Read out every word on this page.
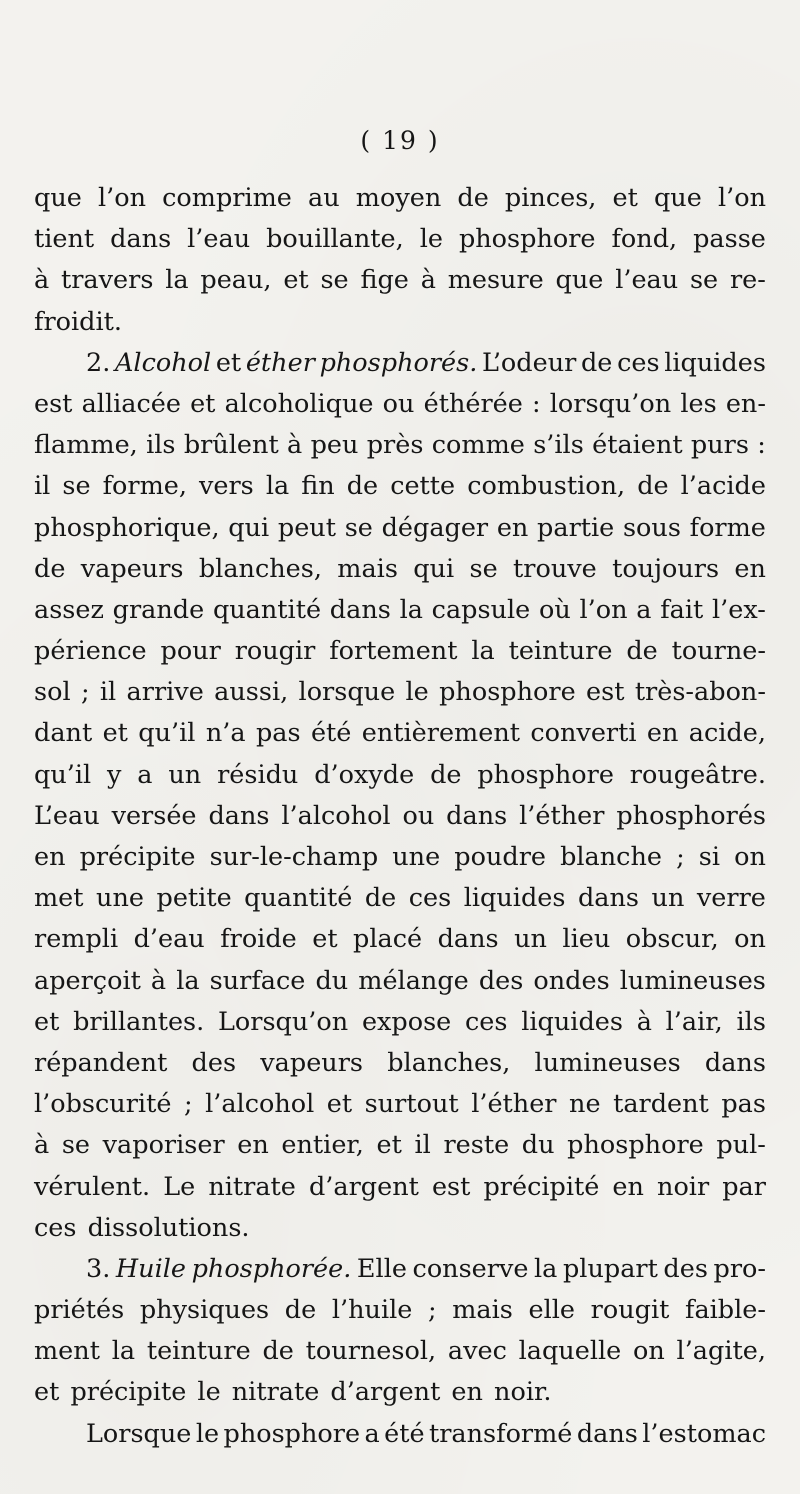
( 19 )
que l’on comprime au moyen de pinces, et que l’on
tient dans l’eau bouillante, le phosphore fond, passe
à travers la peau, et se fige à mesure que l’eau se re-
froidit.
2. Alcohol et éther phosphorés. L’odeur de ces liquides
est alliacée et alcoholique ou éthérée : lorsqu’on les en-
flamme, ils brûlent à peu près comme s’ils étaient purs :
il se forme, vers la fin de cette combustion, de l’acide
phosphorique, qui peut se dégager en partie sous forme
de vapeurs blanches, mais qui se trouve toujours en
assez grande quantité dans la capsule où l’on a fait l’ex-
périence pour rougir fortement la teinture de tourne-
sol ; il arrive aussi, lorsque le phosphore est très-abon-
dant et qu’il n’a pas été entièrement converti en acide,
qu’il y a un résidu d’oxyde de phosphore rougeâtre.
L’eau versée dans l’alcohol ou dans l’éther phosphorés
en précipite sur-le-champ une poudre blanche ; si on
met une petite quantité de ces liquides dans un verre
rempli d’eau froide et placé dans un lieu obscur, on
aperçoit à la surface du mélange des ondes lumineuses
et brillantes. Lorsqu’on expose ces liquides à l’air, ils
répandent des vapeurs blanches, lumineuses dans
l’obscurité ; l’alcohol et surtout l’éther ne tardent pas
à se vaporiser en entier, et il reste du phosphore pul-
vérulent. Le nitrate d’argent est précipité en noir par
ces dissolutions.
3. Huile phosphorée. Elle conserve la plupart des pro-
priétés physiques de l’huile ; mais elle rougit faible-
ment la teinture de tournesol, avec laquelle on l’agite,
et précipite le nitrate d’argent en noir.
Lorsque le phosphore a été transformé dans l’estomac
